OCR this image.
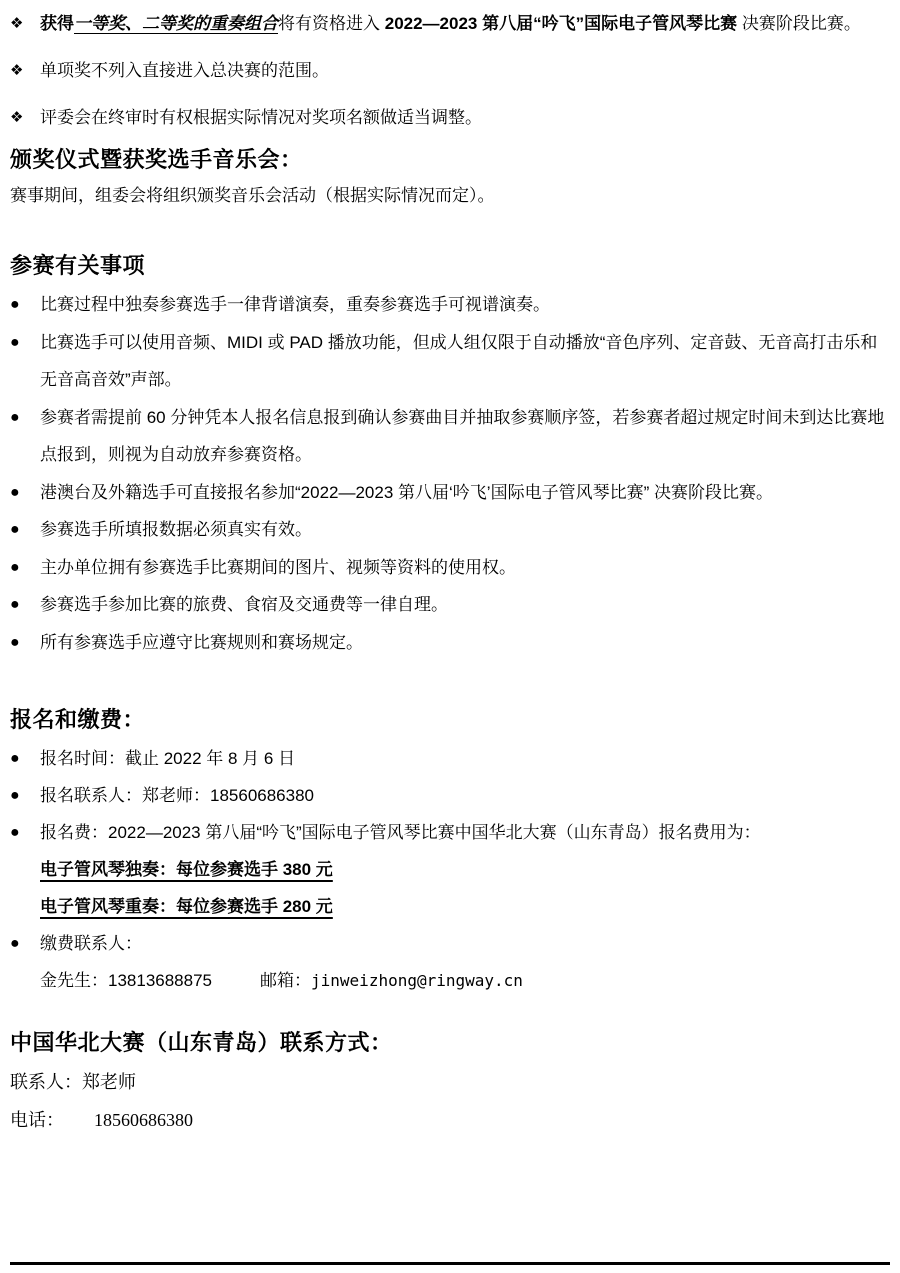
❖ 获得一等奖、二等奖的重奏组合将有资格进入 2022—2023 第八届“吟飞”国际电子管风琴比赛 决赛阶段比赛。
❖ 单项奖不列入直接进入总决赛的范围。
❖ 评委会在终审时有权根据实际情况对奖项名额做适当调整。
颁奖仪式暨获奖选手音乐会：
赛事期间，组委会将组织颁奖音乐会活动（根据实际情况而定）。
参赛有关事项
● 比赛过程中独奏参赛选手一律背谱演奏，重奏参赛选手可视谱演奏。
● 比赛选手可以使用音频、MIDI 或 PAD 播放功能，但成人组仅限于自动播放“音色序列、定音鼓、无音高打击乐和无音高音效”声部。
● 参赛者需提前 60 分钟凭本人报名信息报到确认参赛曲目并抽取参赛顺序签，若参赛者超过规定时间未到达比赛地点报到，则视为自动放弃参赛资格。
● 港澳台及外籍选手可直接报名参加“2022—2023 第八届‘吟飞’国际电子管风琴比赛” 决赛阶段比赛。
● 参赛选手所填报数据必须真实有效。
● 主办单位拥有参赛选手比赛期间的图片、视频等资料的使用权。
● 参赛选手参加比赛的旅费、食宿及交通费等一律自理。
● 所有参赛选手应遵守比赛规则和赛场规定。
报名和缴费：
● 报名时间：截止 2022 年 8 月 6 日
● 报名联系人：郑老师：18560686380
● 报名费：2022—2023 第八届“吟飞”国际电子管风琴比赛中国华北大赛（山东青岛）报名费用为：
电子管风琴独奏：每位参赛选手 380 元
电子管风琴重奏：每位参赛选手 280 元
● 缴费联系人：
金先生：13813688875	邮箱：jinweizhong@ringway.cn
中国华北大赛（山东青岛）联系方式：
联系人：郑老师
电话： 18560686380
